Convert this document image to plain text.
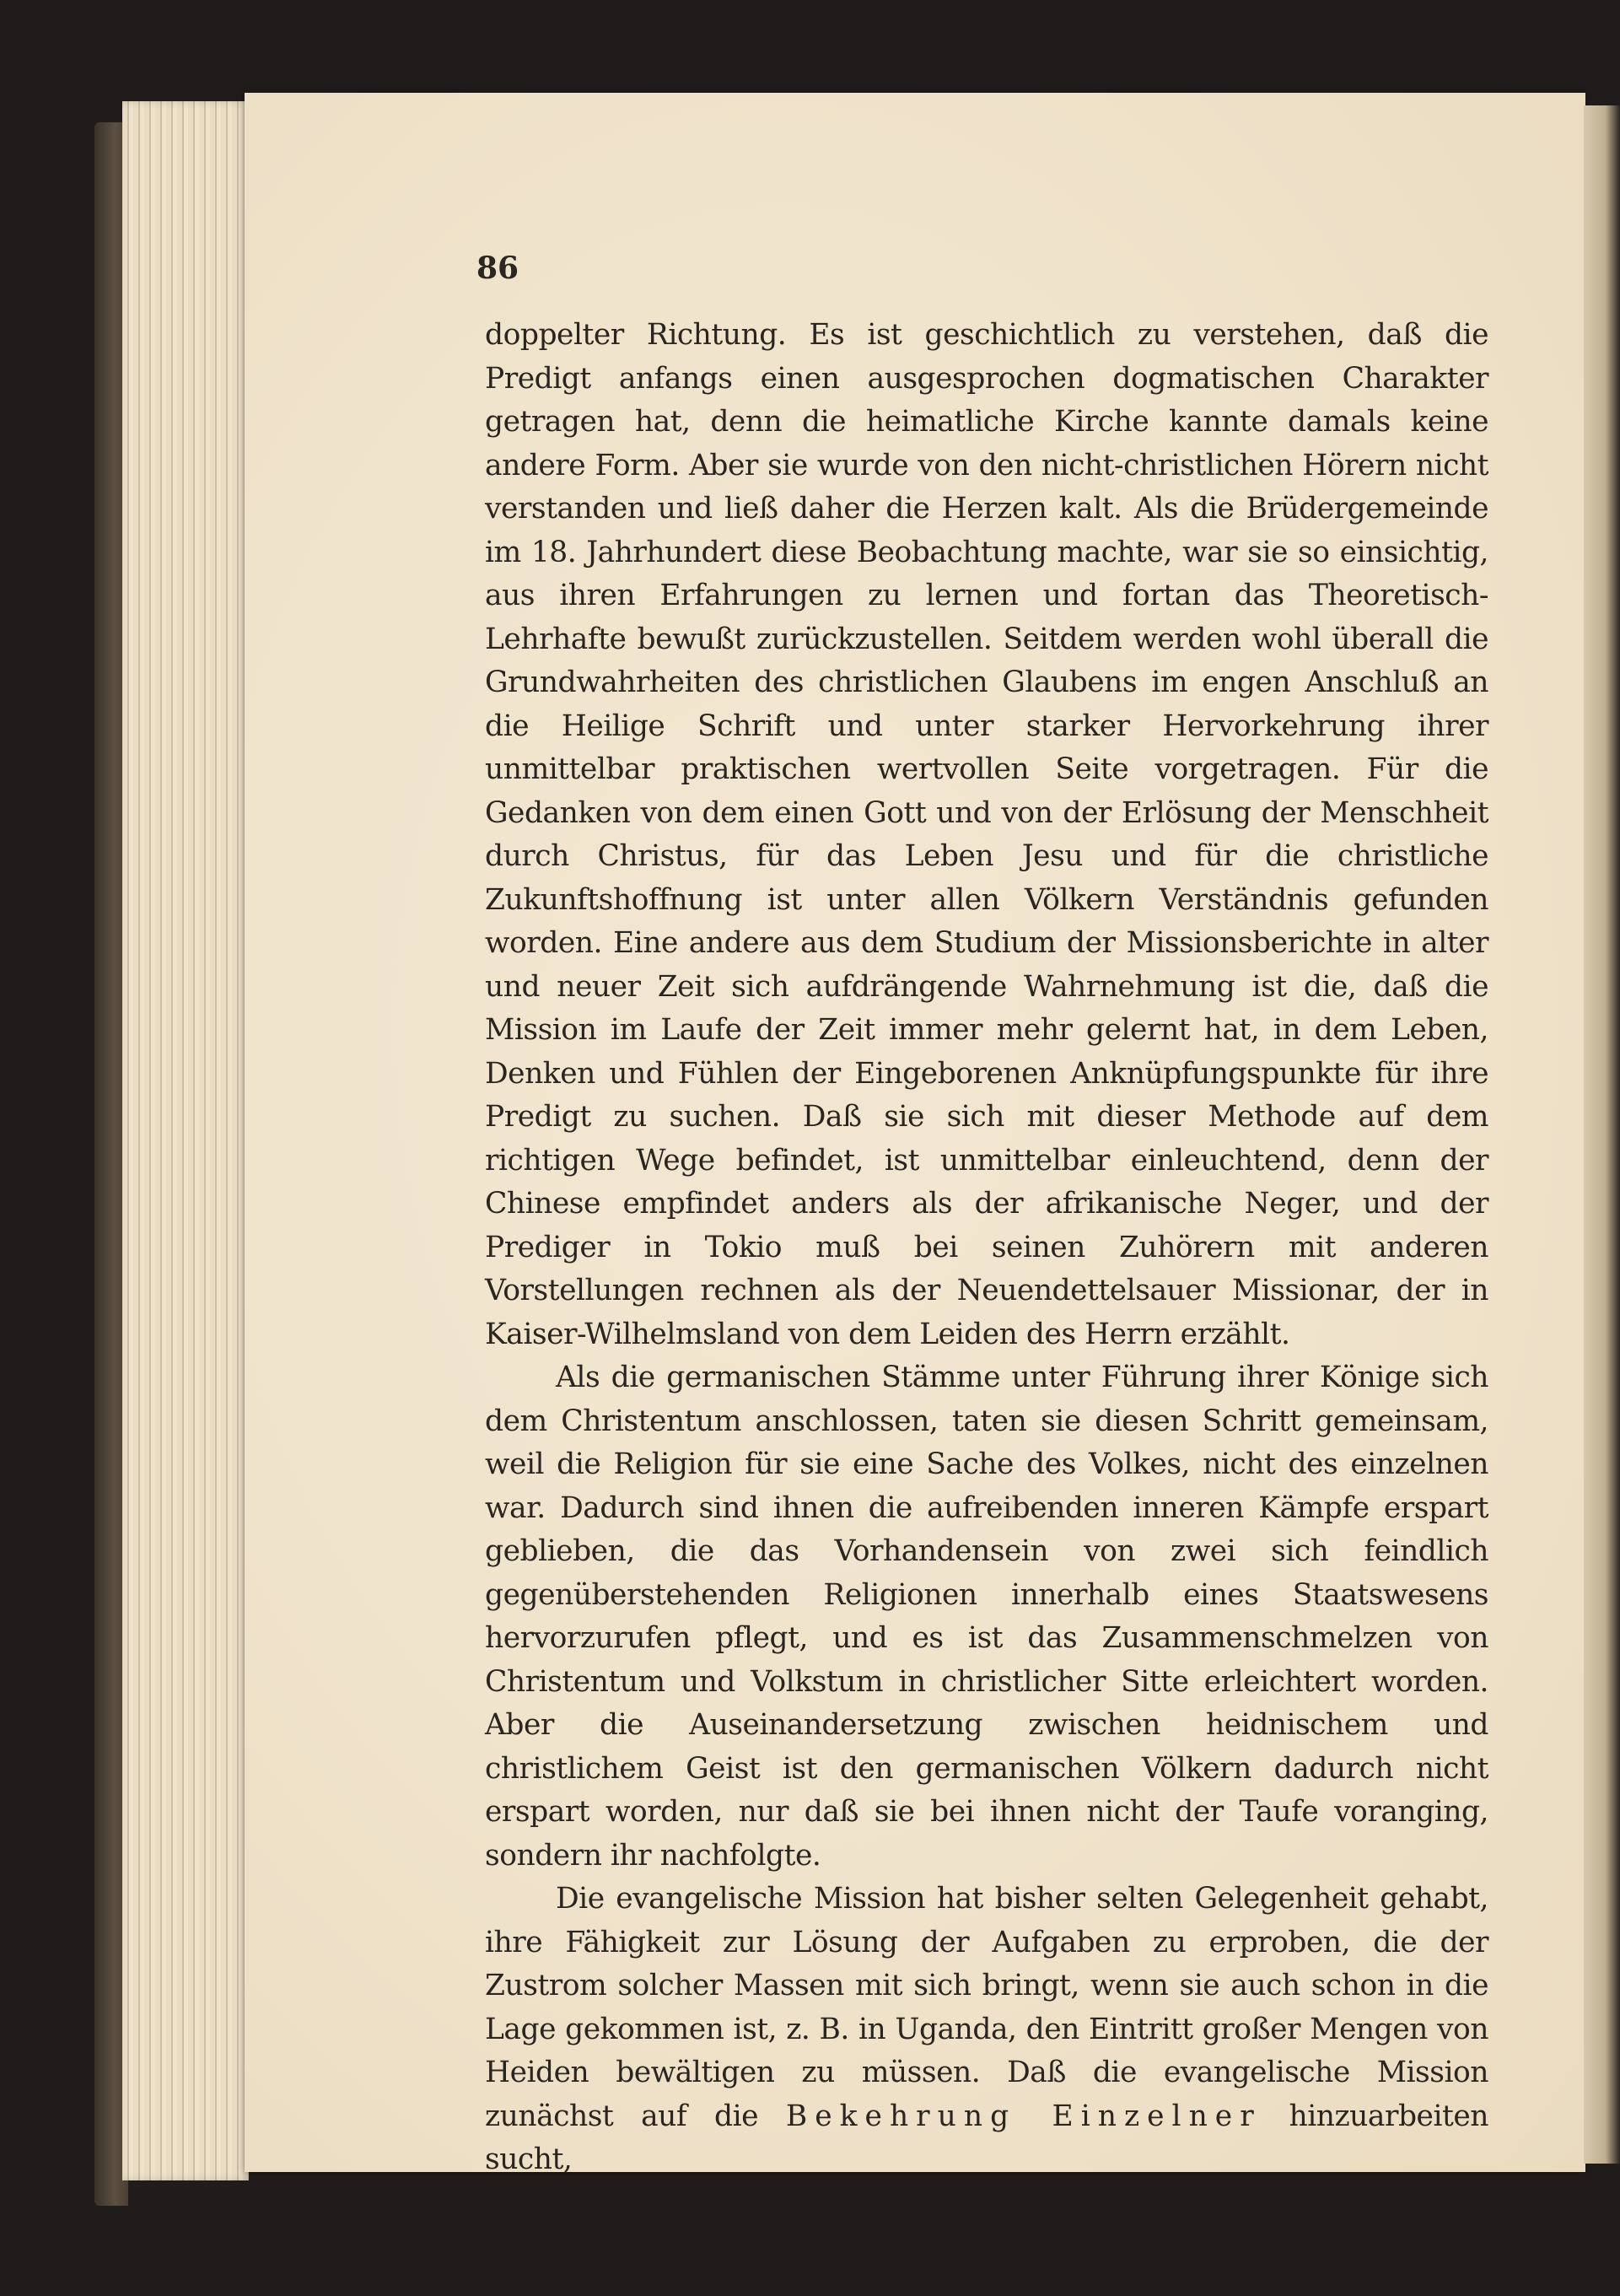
86

doppelter Richtung. Es ist geschichtlich zu verstehen, daß die Predigt anfangs einen ausgesprochen dogmatischen Charakter getragen hat, denn die heimatliche Kirche kannte damals keine andere Form. Aber sie wurde von den nicht-christlichen Hörern nicht verstanden und ließ daher die Herzen kalt. Als die Brüdergemeinde im 18. Jahrhundert diese Beobachtung machte, war sie so einsichtig, aus ihren Erfahrungen zu lernen und fortan das Theoretisch-Lehrhafte bewußt zurückzustellen. Seitdem werden wohl überall die Grundwahrheiten des christlichen Glaubens im engen Anschluß an die Heilige Schrift und unter starker Hervorkehrung ihrer unmittelbar praktischen wertvollen Seite vorgetragen. Für die Gedanken von dem einen Gott und von der Erlösung der Menschheit durch Christus, für das Leben Jesu und für die christliche Zukunftshoffnung ist unter allen Völkern Verständnis gefunden worden. Eine andere aus dem Studium der Missionsberichte in alter und neuer Zeit sich aufdrängende Wahrnehmung ist die, daß die Mission im Laufe der Zeit immer mehr gelernt hat, in dem Leben, Denken und Fühlen der Eingeborenen Anknüpfungspunkte für ihre Predigt zu suchen. Daß sie sich mit dieser Methode auf dem richtigen Wege befindet, ist unmittelbar einleuchtend, denn der Chinese empfindet anders als der afrikanische Neger, und der Prediger in Tokio muß bei seinen Zuhörern mit anderen Vorstellungen rechnen als der Neuendettelsauer Missionar, der in Kaiser-Wilhelmsland von dem Leiden des Herrn erzählt.

Als die germanischen Stämme unter Führung ihrer Könige sich dem Christentum anschlossen, taten sie diesen Schritt gemeinsam, weil die Religion für sie eine Sache des Volkes, nicht des einzelnen war. Dadurch sind ihnen die aufreibenden inneren Kämpfe erspart geblieben, die das Vorhandensein von zwei sich feindlich gegenüberstehenden Religionen innerhalb eines Staatswesens hervorzurufen pflegt, und es ist das Zusammenschmelzen von Christentum und Volkstum in christlicher Sitte erleichtert worden. Aber die Auseinandersetzung zwischen heidnischem und christlichem Geist ist den germanischen Völkern dadurch nicht erspart worden, nur daß sie bei ihnen nicht der Taufe voranging, sondern ihr nachfolgte.

Die evangelische Mission hat bisher selten Gelegenheit gehabt, ihre Fähigkeit zur Lösung der Aufgaben zu erproben, die der Zustrom solcher Massen mit sich bringt, wenn sie auch schon in die Lage gekommen ist, z. B. in Uganda, den Eintritt großer Mengen von Heiden bewältigen zu müssen. Daß die evangelische Mission zunächst auf die Bekehrung Einzelner hinzuarbeiten sucht,
